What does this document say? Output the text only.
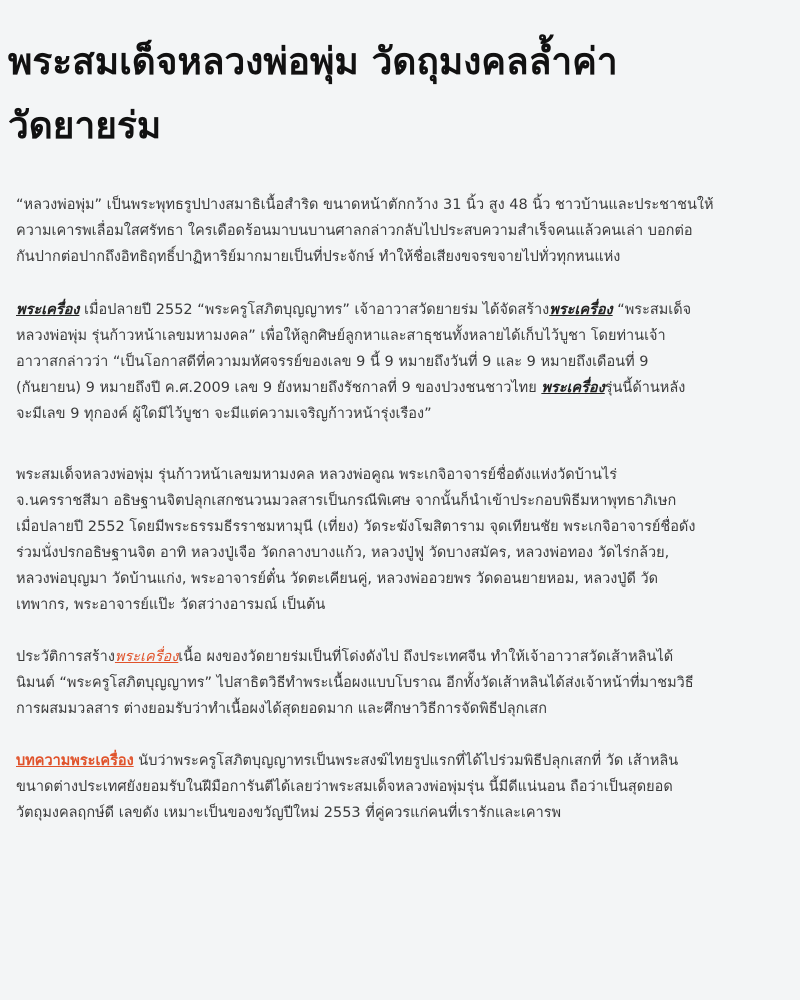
พระสมเด็จหลวงพ่อพุ่ม วัดถุมงคลล้ำค่า
วัดยายร่ม

“หลวงพ่อพุ่ม” เป็นพระพุทธรูปปางสมาธิเนื้อสำริด ขนาดหน้าตักกว้าง 31 นิ้ว สูง 48 นิ้ว ชาวบ้านและประชาชนให้
ความเคารพเลื่อมใสศรัทธา ใครเดือดร้อนมาบนบานศาลกล่าวกลับไปประสบความสำเร็จคนแล้วคนเล่า บอกต่อ
กันปากต่อปากถึงอิทธิฤทธิ์ปาฏิหาริย์มากมายเป็นที่ประจักษ์ ทำให้ชื่อเสียงขจรขจายไปทั่วทุกหนแห่ง

พระเครื่อง เมื่อปลายปี 2552 “พระครูโสภิตบุญญาทร” เจ้าอาวาสวัดยายร่ม ได้จัดสร้างพระเครื่อง “พระสมเด็จ
หลวงพ่อพุ่ม รุ่นก้าวหน้าเลขมหามงคล” เพื่อให้ลูกศิษย์ลูกหาและสาธุชนทั้งหลายได้เก็บไว้บูชา โดยท่านเจ้า
อาวาสกล่าวว่า “เป็นโอกาสดีที่ความมหัศจรรย์ของเลข 9 นี้ 9 หมายถึงวันที่ 9 และ 9 หมายถึงเดือนที่ 9
(กันยายน) 9 หมายถึงปี ค.ศ.2009 เลข 9 ยังหมายถึงรัชกาลที่ 9 ของปวงชนชาวไทย พระเครื่องรุ่นนี้ด้านหลัง
จะมีเลข 9 ทุกองค์ ผู้ใดมีไว้บูชา จะมีแต่ความเจริญก้าวหน้ารุ่งเรือง”

พระสมเด็จหลวงพ่อพุ่ม รุ่นก้าวหน้าเลขมหามงคล หลวงพ่อคูณ พระเกจิอาจารย์ชื่อดังแห่งวัดบ้านไร่
จ.นครราชสีมา อธิษฐานจิตปลุกเสกชนวนมวลสารเป็นกรณีพิเศษ จากนั้นก็นำเข้าประกอบพิธีมหาพุทธาภิเษก
เมื่อปลายปี 2552 โดยมีพระธรรมธีรราชมหามุนี (เที่ยง) วัดระฆังโฆสิตาราม จุดเทียนชัย พระเกจิอาจารย์ชื่อดัง
ร่วมนั่งปรกอธิษฐานจิต อาทิ หลวงปู่เจือ วัดกลางบางแก้ว, หลวงปู่ฟู วัดบางสมัคร, หลวงพ่อทอง วัดไร่กล้วย,
หลวงพ่อบุญมา วัดบ้านแก่ง, พระอาจารย์ตั๋น วัดตะเคียนคู่, หลวงพ่ออวยพร วัดดอนยายหอม, หลวงปู่ดี วัด
เทพากร, พระอาจารย์แป๊ะ วัดสว่างอารมณ์ เป็นต้น

ประวัติการสร้างพระเครื่องเนื้อ ผงของวัดยายร่มเป็นที่โด่งดังไป ถึงประเทศจีน ทำให้เจ้าอาวาสวัดเส้าหลินได้
นิมนต์ “พระครูโสภิตบุญญาทร” ไปสาธิตวิธีทำพระเนื้อผงแบบโบราณ อีกทั้งวัดเส้าหลินได้ส่งเจ้าหน้าที่มาชมวิธี
การผสมมวลสาร ต่างยอมรับว่าทำเนื้อผงได้สุดยอดมาก และศึกษาวิธีการจัดพิธีปลุกเสก

บทความพระเครื่อง นับว่าพระครูโสภิตบุญญาทรเป็นพระสงฆ์ไทยรูปแรกที่ได้ไปร่วมพิธีปลุกเสกที่ วัด เส้าหลิน
ขนาดต่างประเทศยังยอมรับในฝีมือการันตีได้เลยว่าพระสมเด็จหลวงพ่อพุ่มรุ่น นี้มีดีแน่นอน ถือว่าเป็นสุดยอด
วัตถุมงคลฤกษ์ดี เลขดัง เหมาะเป็นของขวัญปีใหม่ 2553 ที่คู่ควรแก่คนที่เรารักและเคารพ
